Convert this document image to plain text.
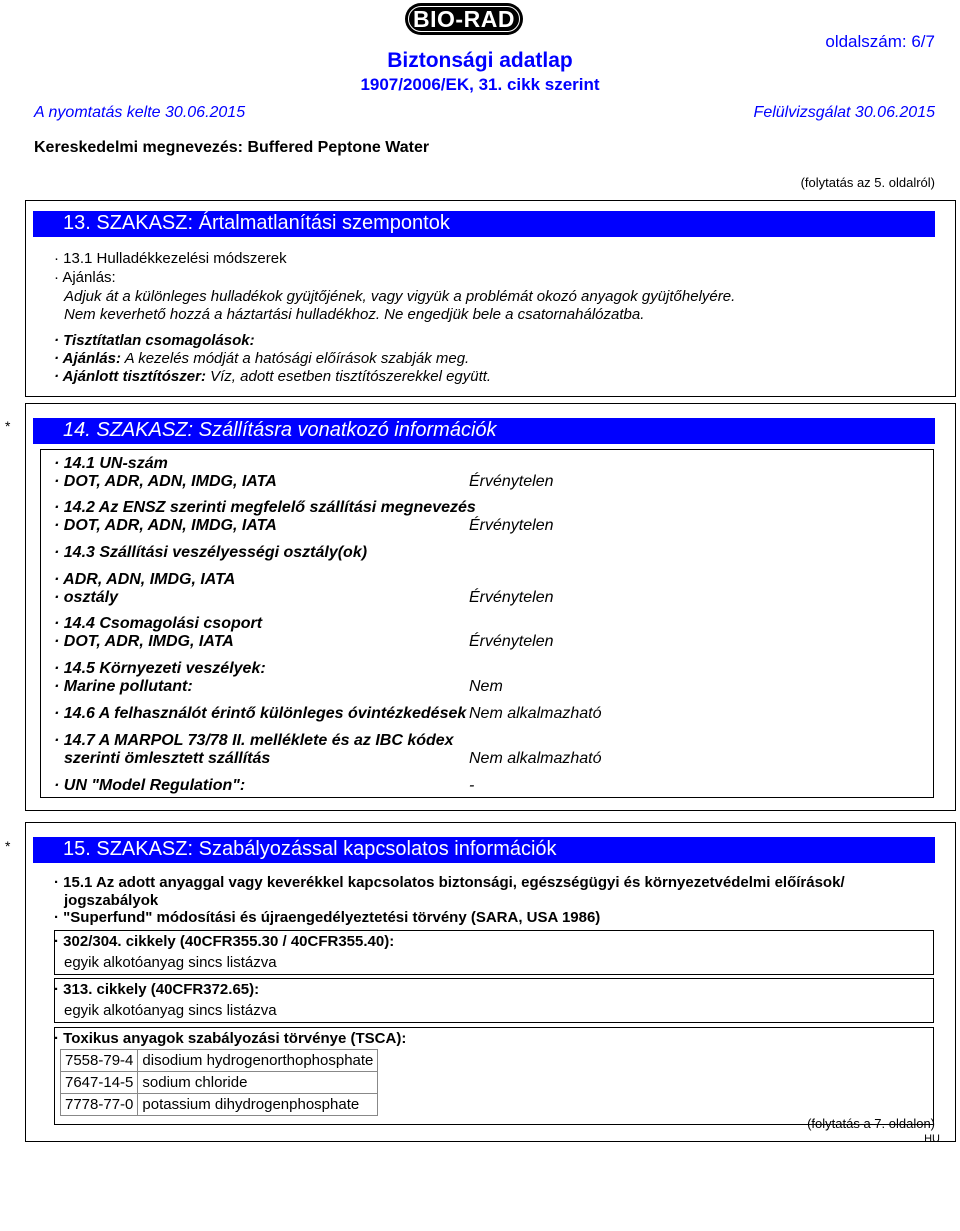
BIO-RAD
Biztonsági adatlap
1907/2006/EK, 31. cikk szerint
oldalszám: 6/7
A nyomtatás kelte 30.06.2015	Felülvizsgálat 30.06.2015
Kereskedelmi megnevezés: Buffered Peptone Water
(folytatás az 5. oldalról)
13. SZAKASZ: Ártalmatlanítási szempontok
· 13.1 Hulladékkezelési módszerek
· Ajánlás:
Adjuk át a különleges hulladékok gyüjtőjének, vagy vigyük a problémát okozó anyagok gyüjtőhelyére.
Nem keverhető hozzá a háztartási hulladékhoz. Ne engedjük bele a csatornahálózatba.
· Tisztítatlan csomagolások:
· Ajánlás: A kezelés módját a hatósági előírások szabják meg.
· Ajánlott tisztítószer: Víz, adott esetben tisztítószerekkel együtt.
*	14. SZAKASZ: Szállításra vonatkozó információk
· 14.1 UN-szám
· DOT, ADR, ADN, IMDG, IATA	Érvénytelen
· 14.2 Az ENSZ szerinti megfelelő szállítási megnevezés
· DOT, ADR, ADN, IMDG, IATA	Érvénytelen
· 14.3 Szállítási veszélyességi osztály(ok)
· ADR, ADN, IMDG, IATA
· osztály	Érvénytelen
· 14.4 Csomagolási csoport
· DOT, ADR, IMDG, IATA	Érvénytelen
· 14.5 Környezeti veszélyek:
· Marine pollutant:	Nem
· 14.6 A felhasználót érintő különleges óvintézkedések Nem alkalmazható
· 14.7 A MARPOL 73/78 II. melléklete és az IBC kódex
szerinti ömlesztett szállítás	Nem alkalmazható
· UN "Model Regulation":	-
*	15. SZAKASZ: Szabályozással kapcsolatos információk
· 15.1 Az adott anyaggal vagy keverékkel kapcsolatos biztonsági, egészségügyi és környezetvédelmi előírások/
jogszabályok
· "Superfund" módosítási és újraengedélyeztetési törvény (SARA, USA 1986)
· 302/304. cikkely (40CFR355.30 / 40CFR355.40):
egyik alkotóanyag sincs listázva
· 313. cikkely (40CFR372.65):
egyik alkotóanyag sincs listázva
· Toxikus anyagok szabályozási törvénye (TSCA):
7558-79-4	disodium hydrogenorthophosphate
7647-14-5	sodium chloride
7778-77-0	potassium dihydrogenphosphate
(folytatás a 7. oldalon)
HU
